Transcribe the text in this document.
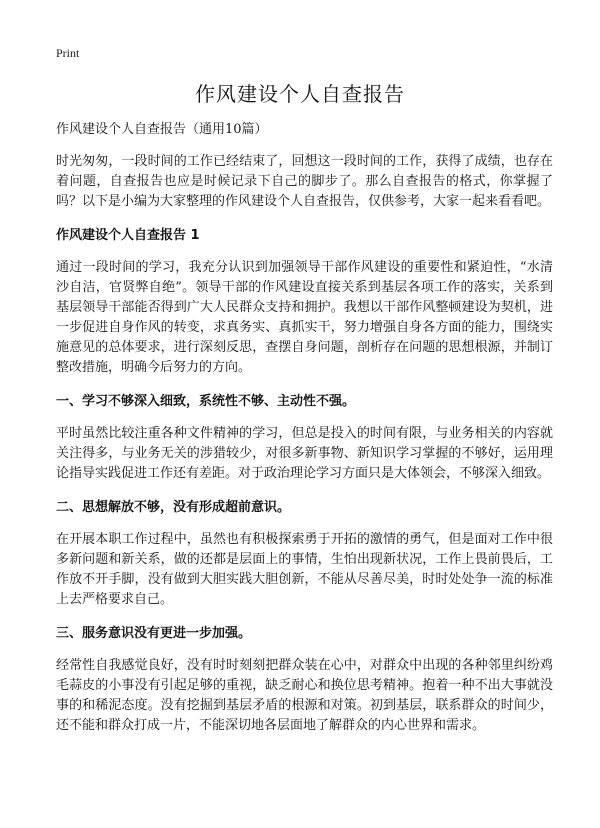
Print
作风建设个人自查报告

作风建设个人自查报告（通用10篇）

时光匆匆，一段时间的工作已经结束了，回想这一段时间的工作，获得了成绩，也存在着问题，自查报告也应是时候记录下自己的脚步了。那么自查报告的格式，你掌握了吗？以下是小编为大家整理的作风建设个人自查报告，仅供参考，大家一起来看看吧。

作风建设个人自查报告 1

通过一段时间的学习，我充分认识到加强领导干部作风建设的重要性和紧迫性，“水清沙自洁，官贤弊自绝”。领导干部的作风建设直接关系到基层各项工作的落实，关系到基层领导干部能否得到广大人民群众支持和拥护。我想以干部作风整顿建设为契机，进一步促进自身作风的转变，求真务实、真抓实干，努力增强自身各方面的能力，围绕实施意见的总体要求，进行深刻反思，查摆自身问题，剖析存在问题的思想根源，并制订整改措施，明确今后努力的方向。

一、学习不够深入细致，系统性不够、主动性不强。

平时虽然比较注重各种文件精神的学习，但总是投入的时间有限，与业务相关的内容就关注得多，与业务无关的涉猎较少，对很多新事物、新知识学习掌握的不够好，运用理论指导实践促进工作还有差距。对于政治理论学习方面只是大体领会，不够深入细致。

二、思想解放不够，没有形成超前意识。

在开展本职工作过程中，虽然也有积极探索勇于开拓的激情的勇气，但是面对工作中很多新问题和新关系，做的还都是层面上的事情，生怕出现新状况，工作上畏前畏后，工作放不开手脚，没有做到大胆实践大胆创新，不能从尽善尽美，时时处处争一流的标准上去严格要求自己。

三、服务意识没有更进一步加强。

经常性自我感觉良好，没有时时刻刻把群众装在心中，对群众中出现的各种邻里纠纷鸡毛蒜皮的小事没有引起足够的重视，缺乏耐心和换位思考精神。抱着一种不出大事就没事的和稀泥态度。没有挖掘到基层矛盾的根源和对策。初到基层，联系群众的时间少，还不能和群众打成一片，不能深切地各层面地了解群众的内心世界和需求。
